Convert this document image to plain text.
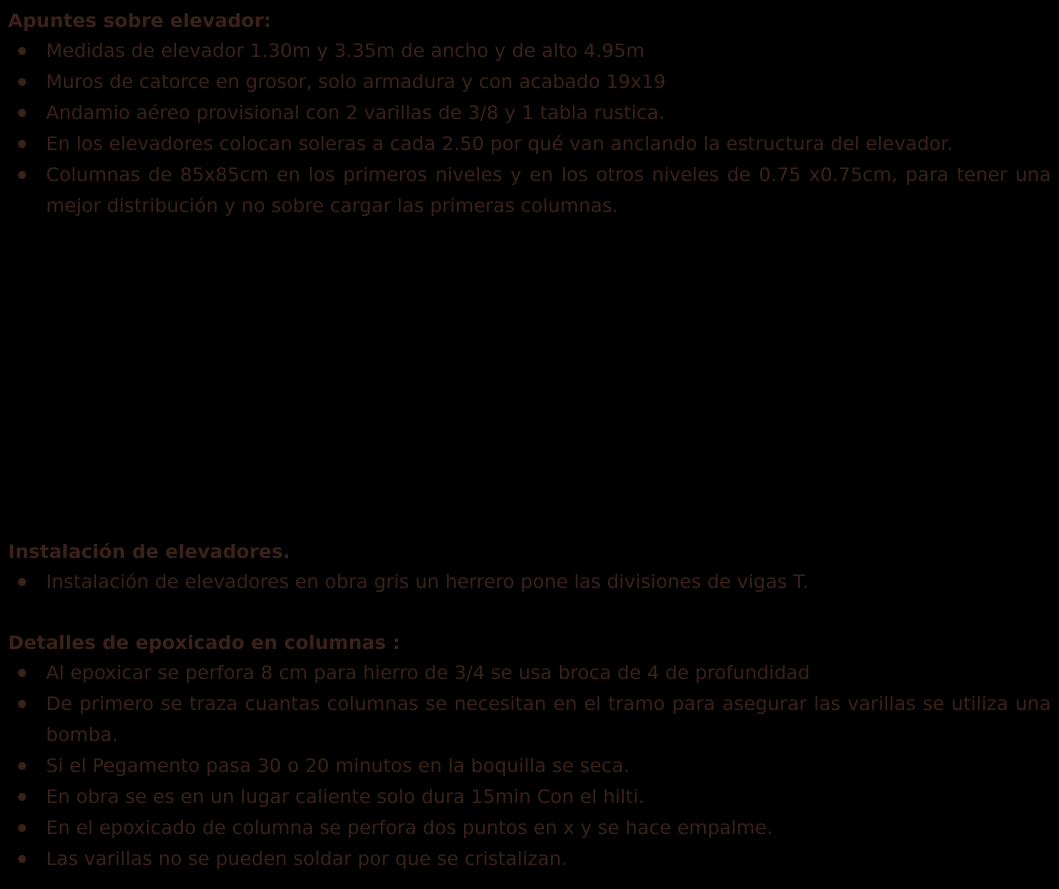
Apuntes sobre elevador:

Medidas de elevador 1.30m y 3.35m de ancho y de alto 4.95m
Muros de catorce en grosor, solo armadura y con acabado 19x19
Andamio aéreo provisional con 2 varillas de 3/8 y 1 tabla rustica.
En los elevadores colocan soleras a cada 2.50 por qué van anclando la estructura del elevador.
Columnas de 85x85cm en los primeros niveles y en los otros niveles de 0.75 x0.75cm, para tener una mejor distribución y no sobre cargar las primeras columnas.

Instalación de elevadores.

Instalación de elevadores en obra gris un herrero pone las divisiones de vigas T.

Detalles de epoxicado en columnas :

Al epoxicar se perfora 8 cm para hierro de 3/4 se usa broca de 4 de profundidad
De primero se traza cuantas columnas se necesitan en el tramo para asegurar las varillas se utiliza una bomba.
Si el Pegamento pasa 30 o 20 minutos en la boquilla se seca.
En obra se es en un lugar caliente solo dura 15min Con el hilti.
En el epoxicado de columna se perfora dos puntos en x y se hace empalme.
Las varillas no se pueden soldar por que se cristalizan.
